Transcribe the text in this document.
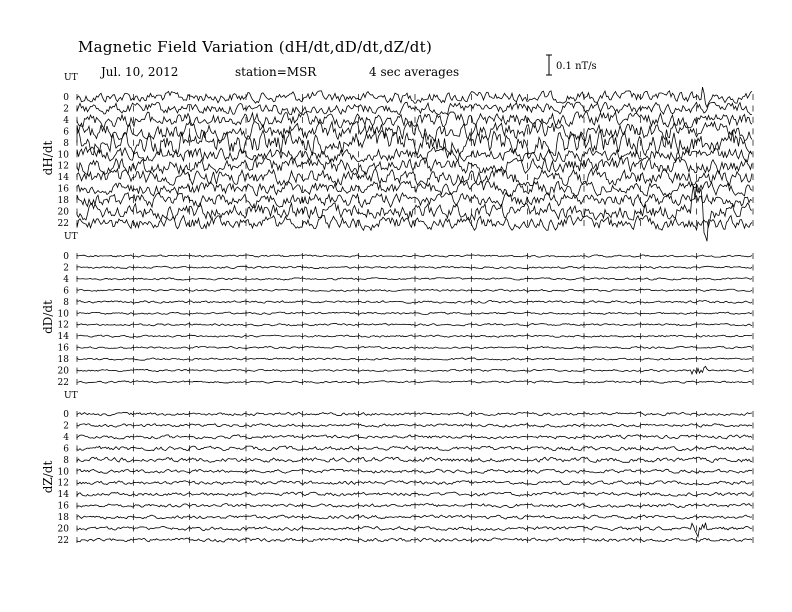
Magnetic Field Variation (dH/dt,dD/dt,dZ/dt)
Jul. 10, 2012	station=MSR	4 sec averages	0.1 nT/s
UT
dH/dt
0
2
4
6
8
10
12
14
16
18
20
22
UT
dD/dt
0
2
4
6
8
10
12
14
16
18
20
22
UT
dZ/dt
0
2
4
6
8
10
12
14
16
18
20
22
